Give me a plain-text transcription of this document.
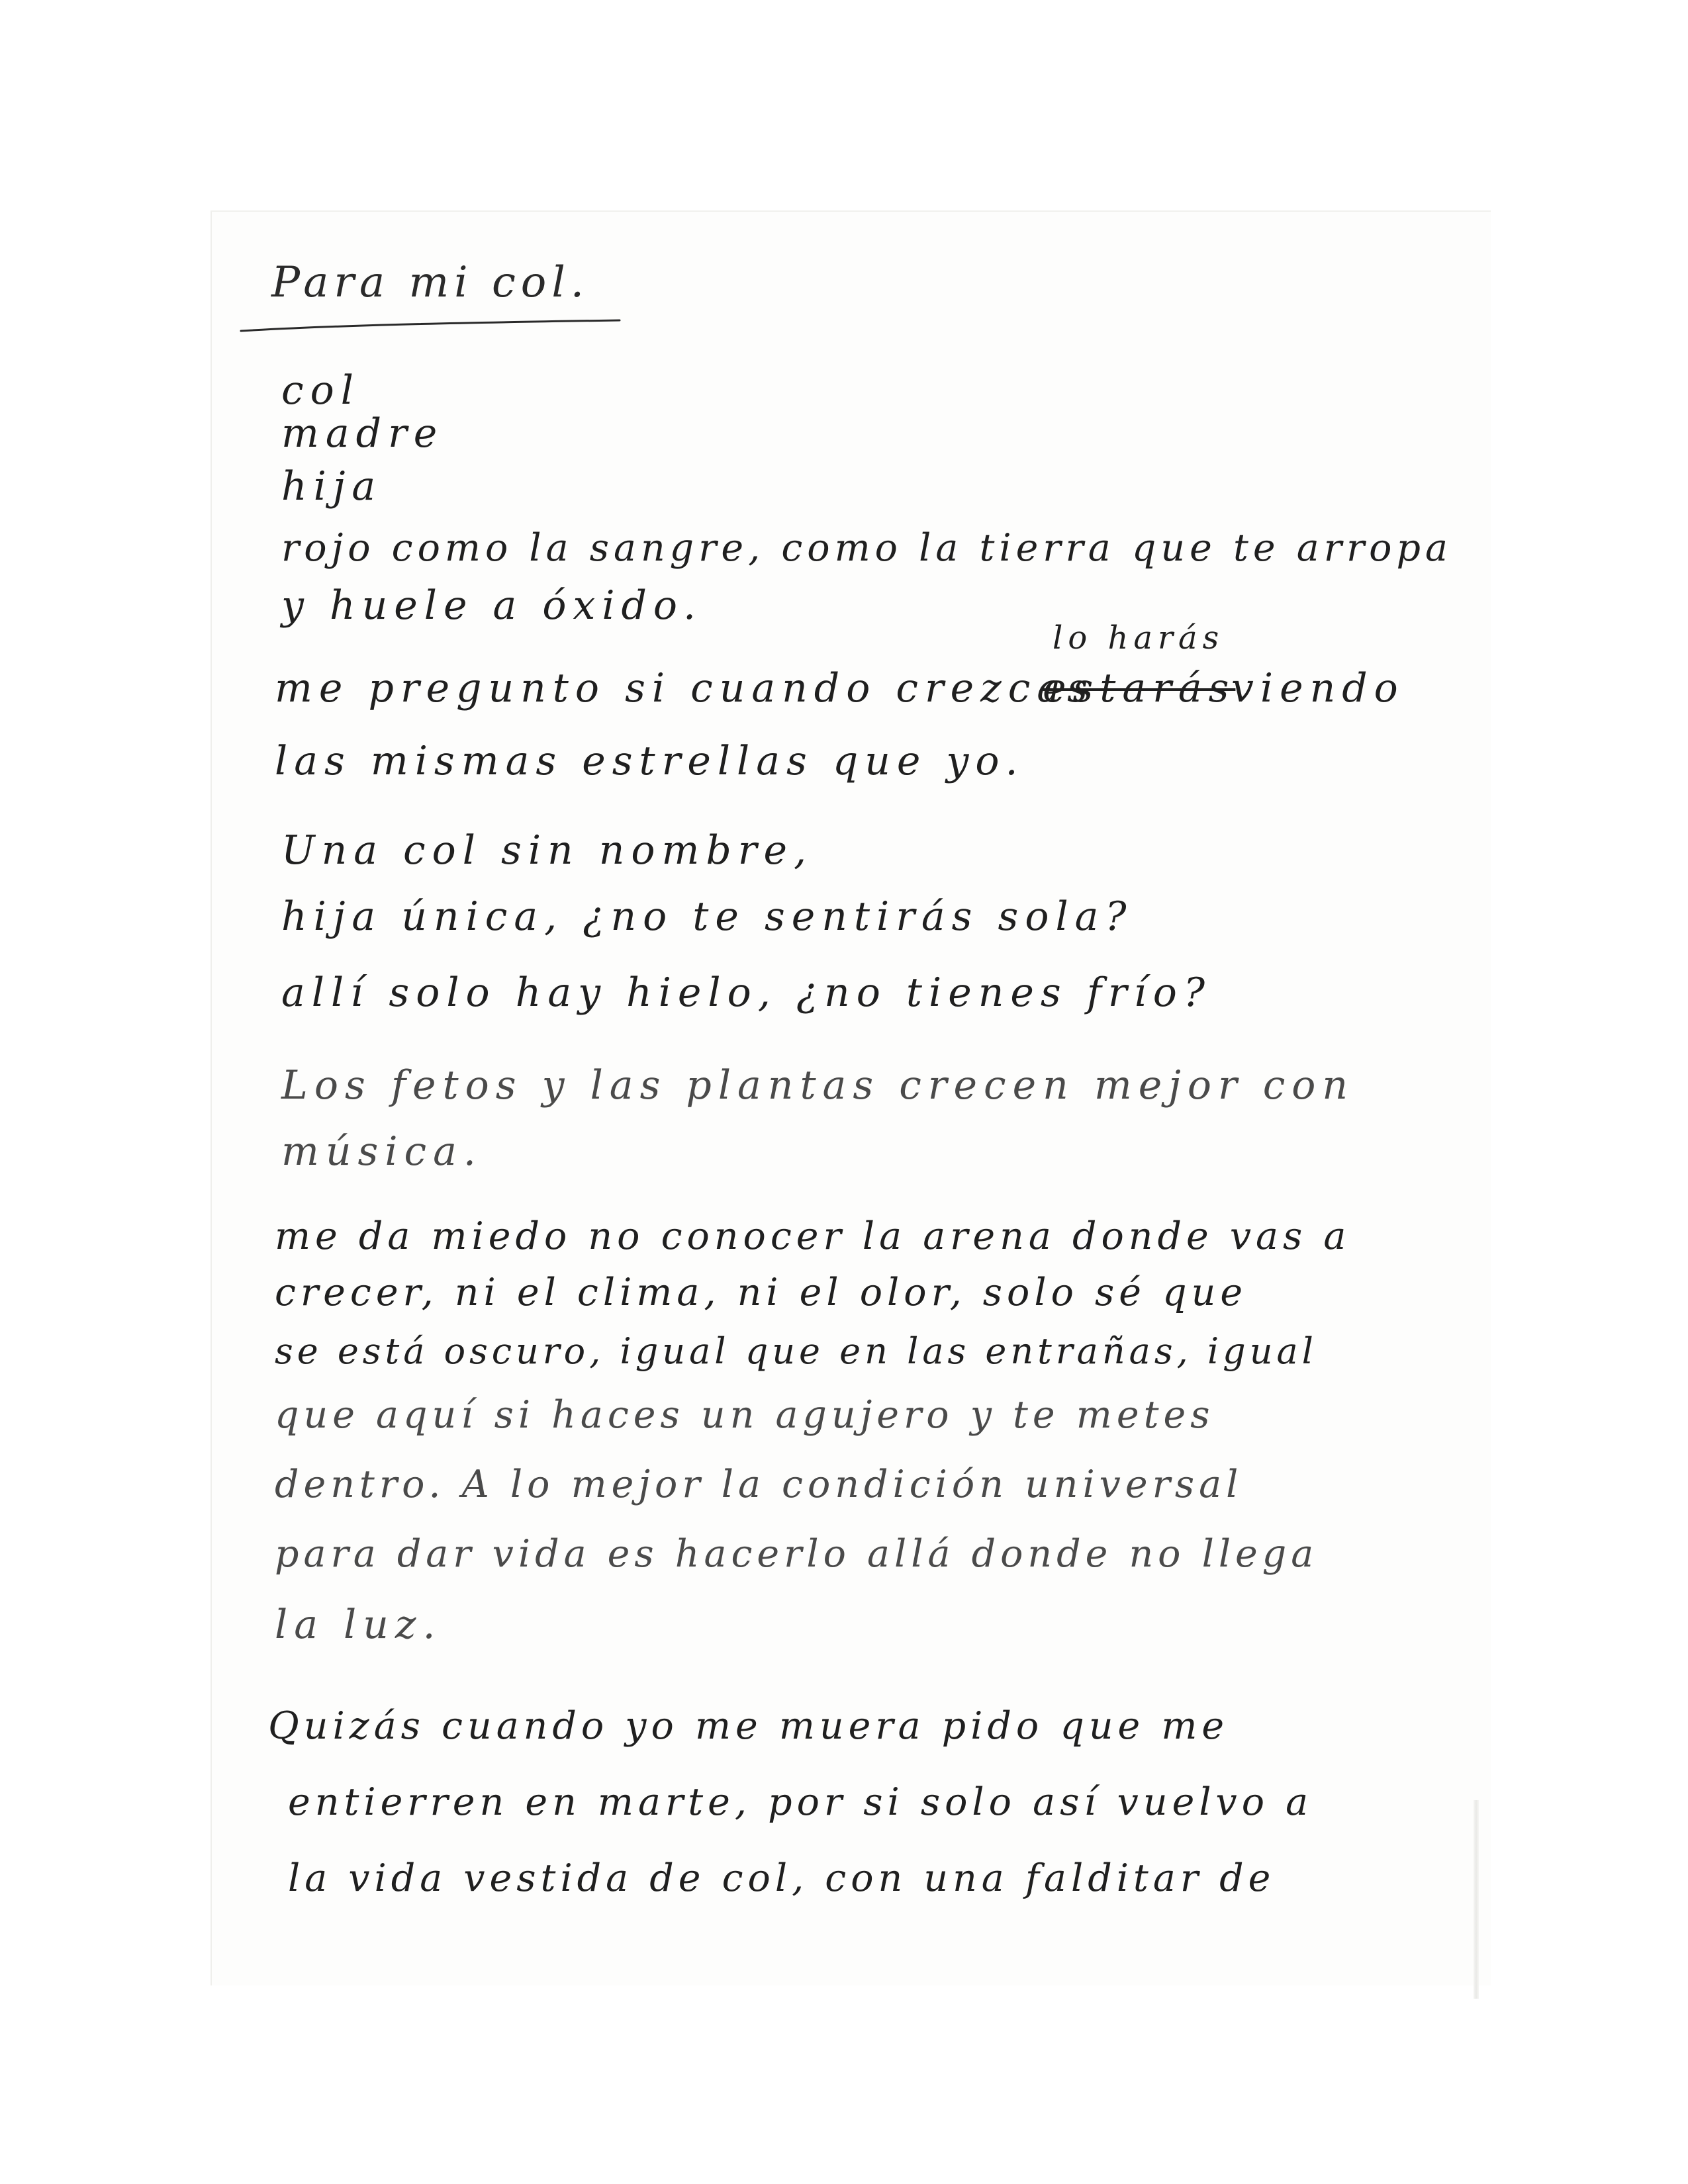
Para mi col.
col
madre
hija
rojo como la sangre, como la tierra que te arropa
y huele a óxido.
lo harás
me pregunto si cuando crezcas
estarás
viendo
las mismas estrellas que yo.
Una col sin nombre,
hija única, ¿no te sentirás sola?
allí solo hay hielo, ¿no tienes frío?
Los fetos y las plantas crecen mejor con
música.
me da miedo no conocer la arena donde vas a
crecer, ni el clima, ni el olor, solo sé que
se está oscuro, igual que en las entrañas, igual
que aquí si haces un agujero y te metes
dentro. A lo mejor la condición universal
para dar vida es hacerlo allá donde no llega
la luz.
Quizás cuando yo me muera pido que me
entierren en marte, por si solo así vuelvo a
la vida vestida de col, con una falditar de
